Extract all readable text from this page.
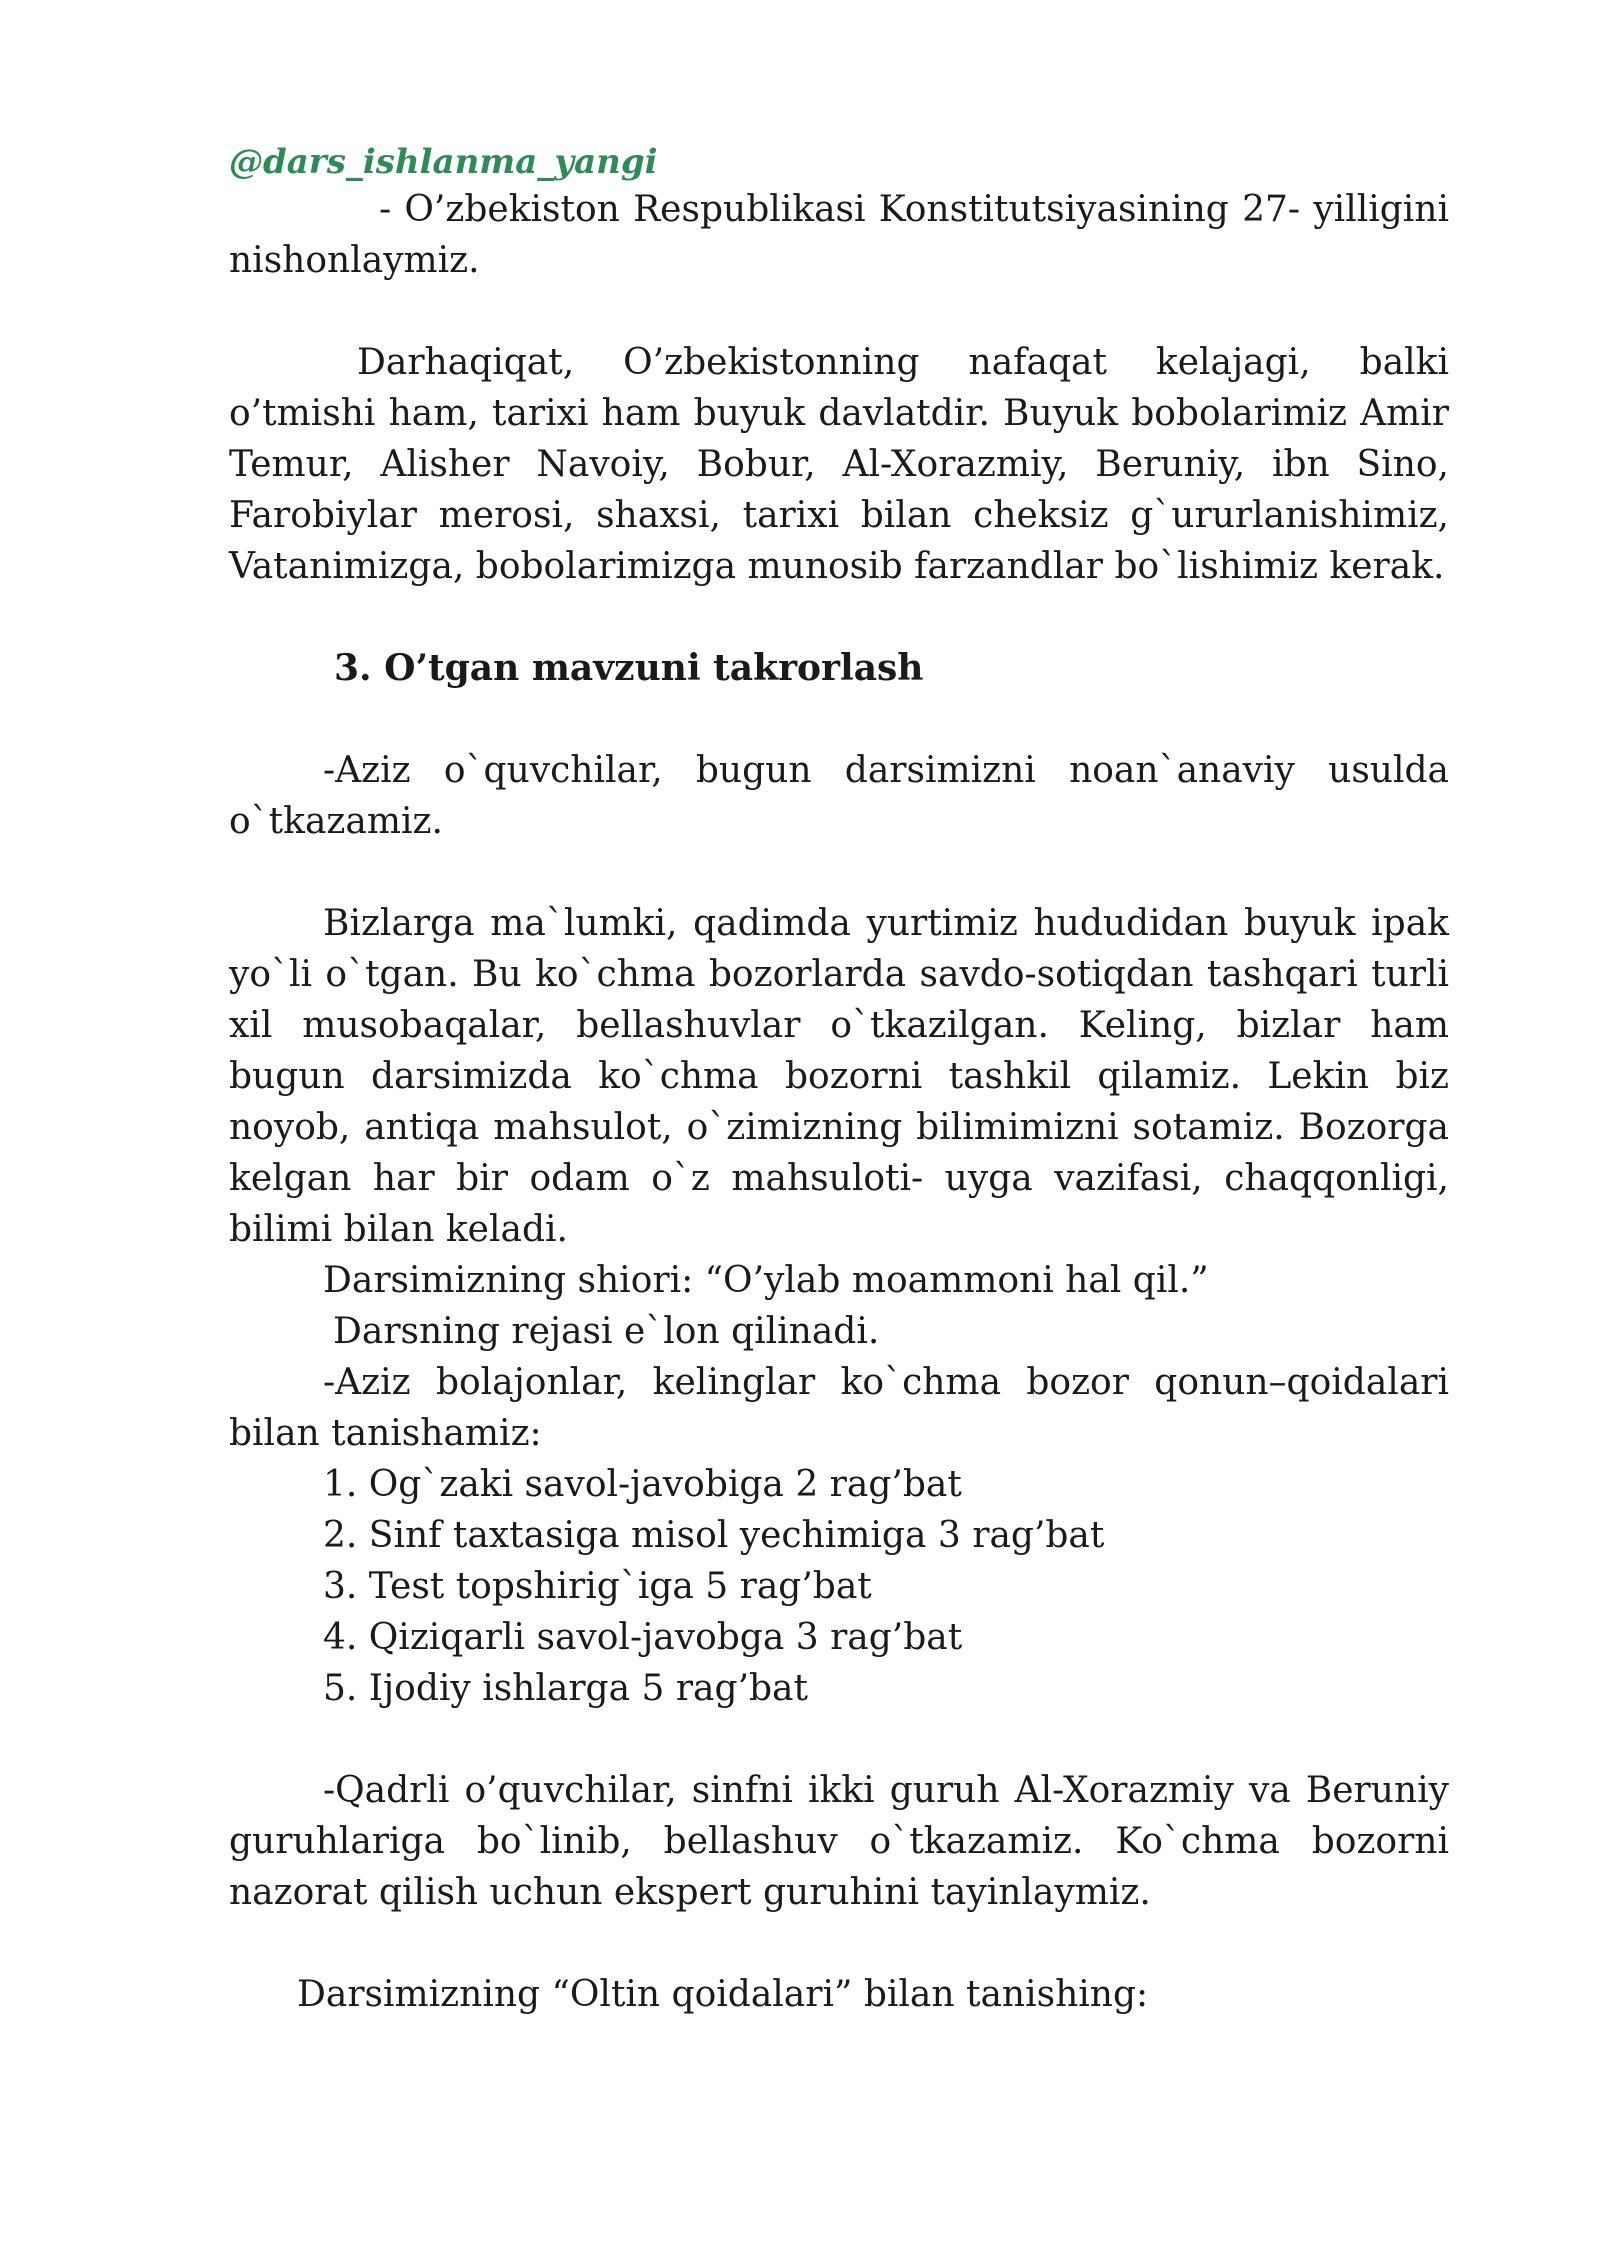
@dars_ishlanma_yangi

- O’zbekiston Respublikasi Konstitutsiyasining 27- yilligini nishonlaymiz.

Darhaqiqat, O’zbekistonning nafaqat kelajagi, balki o’tmishi ham, tarixi ham buyuk davlatdir. Buyuk bobolarimiz Amir Temur, Alisher Navoiy, Bobur, Al-Xorazmiy, Beruniy, ibn Sino, Farobiylar merosi, shaxsi, tarixi bilan cheksiz g`ururlanishimiz, Vatanimizga, bobolarimizga munosib farzandlar bo`lishimiz kerak.

3. O’tgan mavzuni takrorlash

-Aziz o`quvchilar, bugun darsimizni noan`anaviy usulda o`tkazamiz.

Bizlarga ma`lumki, qadimda yurtimiz hududidan buyuk ipak yo`li o`tgan. Bu ko`chma bozorlarda savdo-sotiqdan tashqari turli xil musobaqalar, bellashuvlar o`tkazilgan. Keling, bizlar ham bugun darsimizda ko`chma bozorni tashkil qilamiz. Lekin biz noyob, antiqa mahsulot, o`zimizning bilimimizni sotamiz. Bozorga kelgan har bir odam o`z mahsuloti- uyga vazifasi, chaqqonligi, bilimi bilan keladi.

Darsimizning shiori: “O’ylab moammoni hal qil.”

Darsning rejasi e`lon qilinadi.

-Aziz bolajonlar, kelinglar ko`chma bozor qonun–qoidalari bilan tanishamiz:

1. Og`zaki savol-javobiga 2 rag’bat

2. Sinf taxtasiga misol yechimiga 3 rag’bat

3. Test topshirig`iga 5 rag’bat

4. Qiziqarli savol-javobga 3 rag’bat

5. Ijodiy ishlarga 5 rag’bat

-Qadrli o’quvchilar, sinfni ikki guruh Al-Xorazmiy va Beruniy guruhlariga bo`linib, bellashuv o`tkazamiz. Ko`chma bozorni nazorat qilish uchun ekspert guruhini tayinlaymiz.

Darsimizning “Oltin qoidalari” bilan tanishing:
